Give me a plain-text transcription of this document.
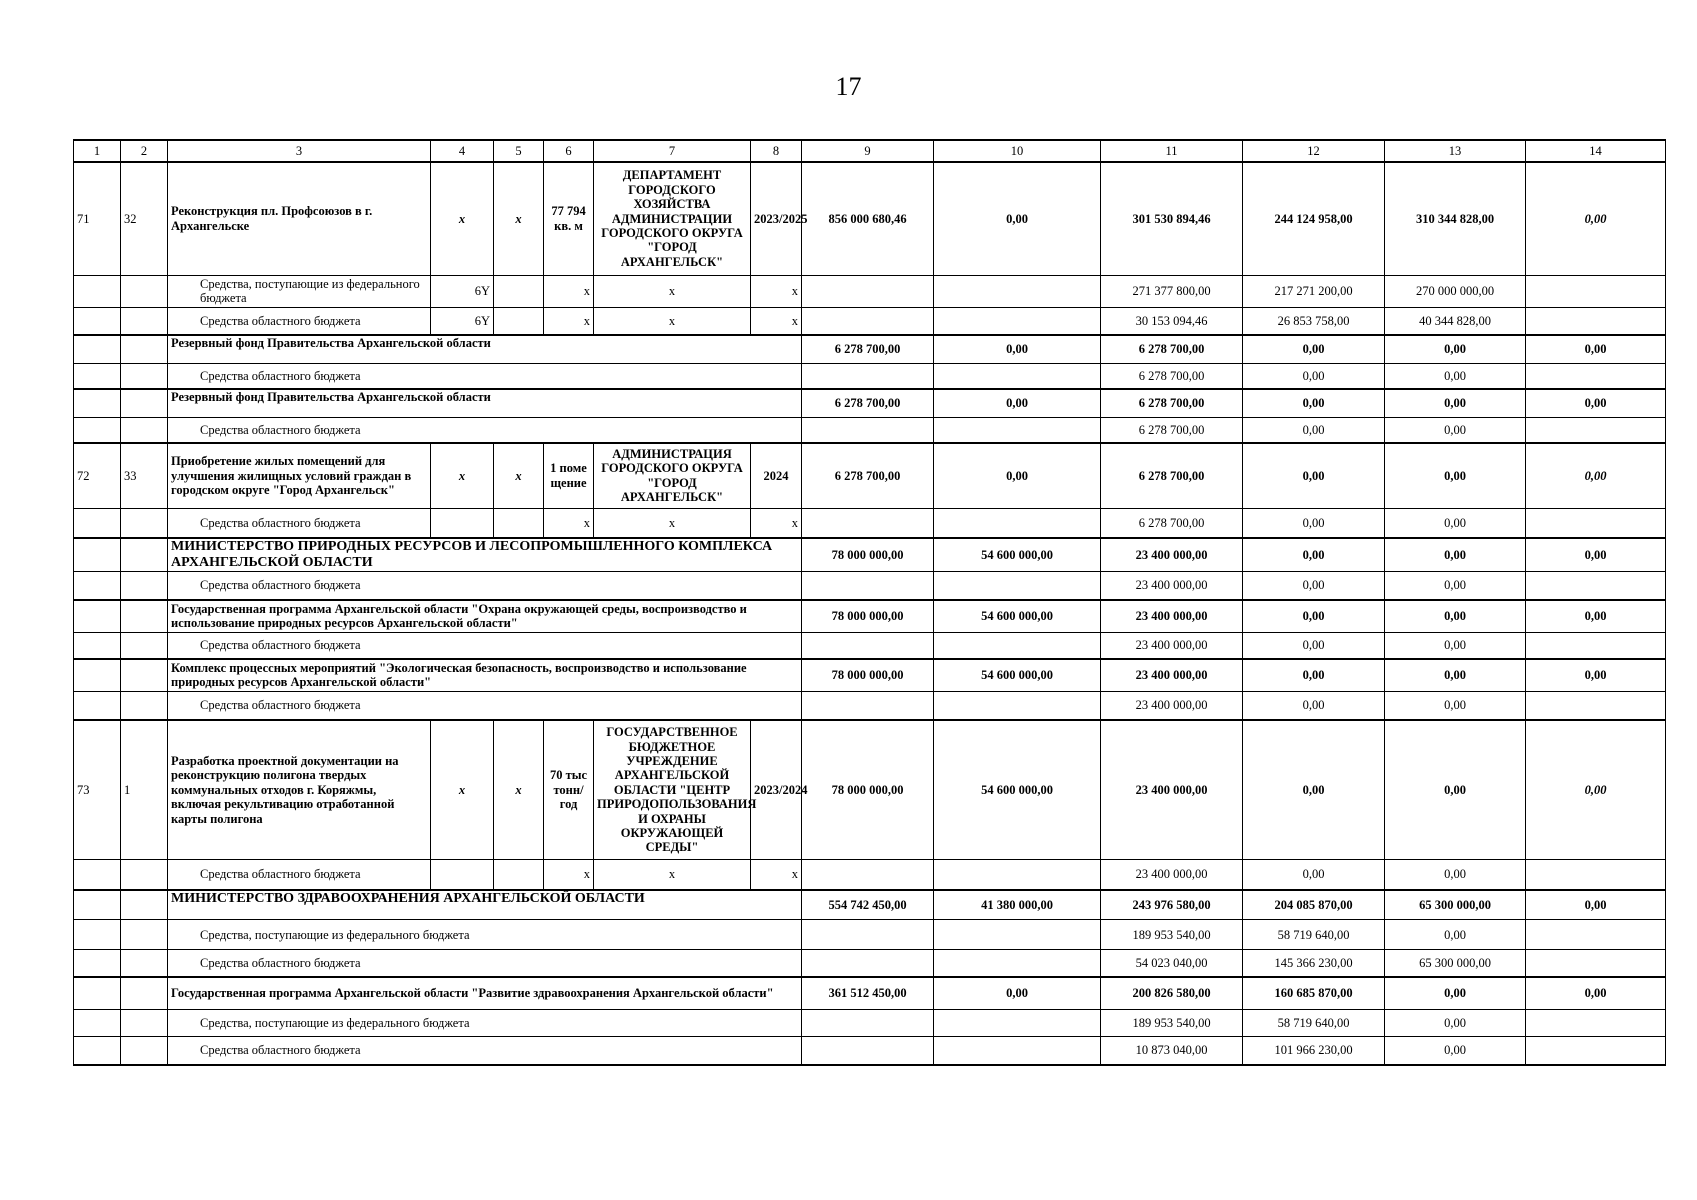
17
1	2	3	4	5	6	7	8	9	10	11	12	13	14
71	32	Реконструкция пл. Профсоюзов в г. Архангельске	x	x	77 794 кв. м	ДЕПАРТАМЕНТ ГОРОДСКОГО ХОЗЯЙСТВА АДМИНИСТРАЦИИ ГОРОДСКОГО ОКРУГА "ГОРОД АРХАНГЕЛЬСК"	2023/2025	856 000 680,46	0,00	301 530 894,46	244 124 958,00	310 344 828,00	0,00
		Средства, поступающие из федерального бюджета	6Y		x	x	x			271 377 800,00	217 271 200,00	270 000 000,00	
		Средства областного бюджета	6Y		x	x	x			30 153 094,46	26 853 758,00	40 344 828,00	
		Резервный фонд Правительства Архангельской области						6 278 700,00	0,00	6 278 700,00	0,00	0,00	0,00
		Средства областного бюджета								6 278 700,00	0,00	0,00	
		Резервный фонд Правительства Архангельской области						6 278 700,00	0,00	6 278 700,00	0,00	0,00	0,00
		Средства областного бюджета								6 278 700,00	0,00	0,00	
72	33	Приобретение жилых помещений для улучшения жилищных условий граждан в городском округе "Город Архангельск"	x	x	1 поме щение	АДМИНИСТРАЦИЯ ГОРОДСКОГО ОКРУГА "ГОРОД АРХАНГЕЛЬСК"	2024	6 278 700,00	0,00	6 278 700,00	0,00	0,00	0,00
		Средства областного бюджета			x	x	x			6 278 700,00	0,00	0,00	
		МИНИСТЕРСТВО ПРИРОДНЫХ РЕСУРСОВ И ЛЕСОПРОМЫШЛЕННОГО КОМПЛЕКСА АРХАНГЕЛЬСКОЙ ОБЛАСТИ						78 000 000,00	54 600 000,00	23 400 000,00	0,00	0,00	0,00
		Средства областного бюджета								23 400 000,00	0,00	0,00	
		Государственная программа Архангельской области "Охрана окружающей среды, воспроизводство и использование природных ресурсов Архангельской области"						78 000 000,00	54 600 000,00	23 400 000,00	0,00	0,00	0,00
		Средства областного бюджета								23 400 000,00	0,00	0,00	
		Комплекс процессных мероприятий "Экологическая безопасность, воспроизводство и использование природных ресурсов Архангельской области"						78 000 000,00	54 600 000,00	23 400 000,00	0,00	0,00	0,00
		Средства областного бюджета								23 400 000,00	0,00	0,00	
73	1	Разработка проектной документации на реконструкцию полигона твердых коммунальных отходов г. Коряжмы, включая рекультивацию отработанной карты полигона	x	x	70 тыс тонн/год	ГОСУДАРСТВЕННОЕ БЮДЖЕТНОЕ УЧРЕЖДЕНИЕ АРХАНГЕЛЬСКОЙ ОБЛАСТИ "ЦЕНТР ПРИРОДОПОЛЬЗОВАНИЯ И ОХРАНЫ ОКРУЖАЮЩЕЙ СРЕДЫ"	2023/2024	78 000 000,00	54 600 000,00	23 400 000,00	0,00	0,00	0,00
		Средства областного бюджета			x	x	x			23 400 000,00	0,00	0,00	
		МИНИСТЕРСТВО ЗДРАВООХРАНЕНИЯ АРХАНГЕЛЬСКОЙ ОБЛАСТИ						554 742 450,00	41 380 000,00	243 976 580,00	204 085 870,00	65 300 000,00	0,00
		Средства, поступающие из федерального бюджета								189 953 540,00	58 719 640,00	0,00	
		Средства областного бюджета								54 023 040,00	145 366 230,00	65 300 000,00	
		Государственная программа Архангельской области "Развитие здравоохранения Архангельской области"						361 512 450,00	0,00	200 826 580,00	160 685 870,00	0,00	0,00
		Средства, поступающие из федерального бюджета								189 953 540,00	58 719 640,00	0,00	
		Средства областного бюджета								10 873 040,00	101 966 230,00	0,00	
